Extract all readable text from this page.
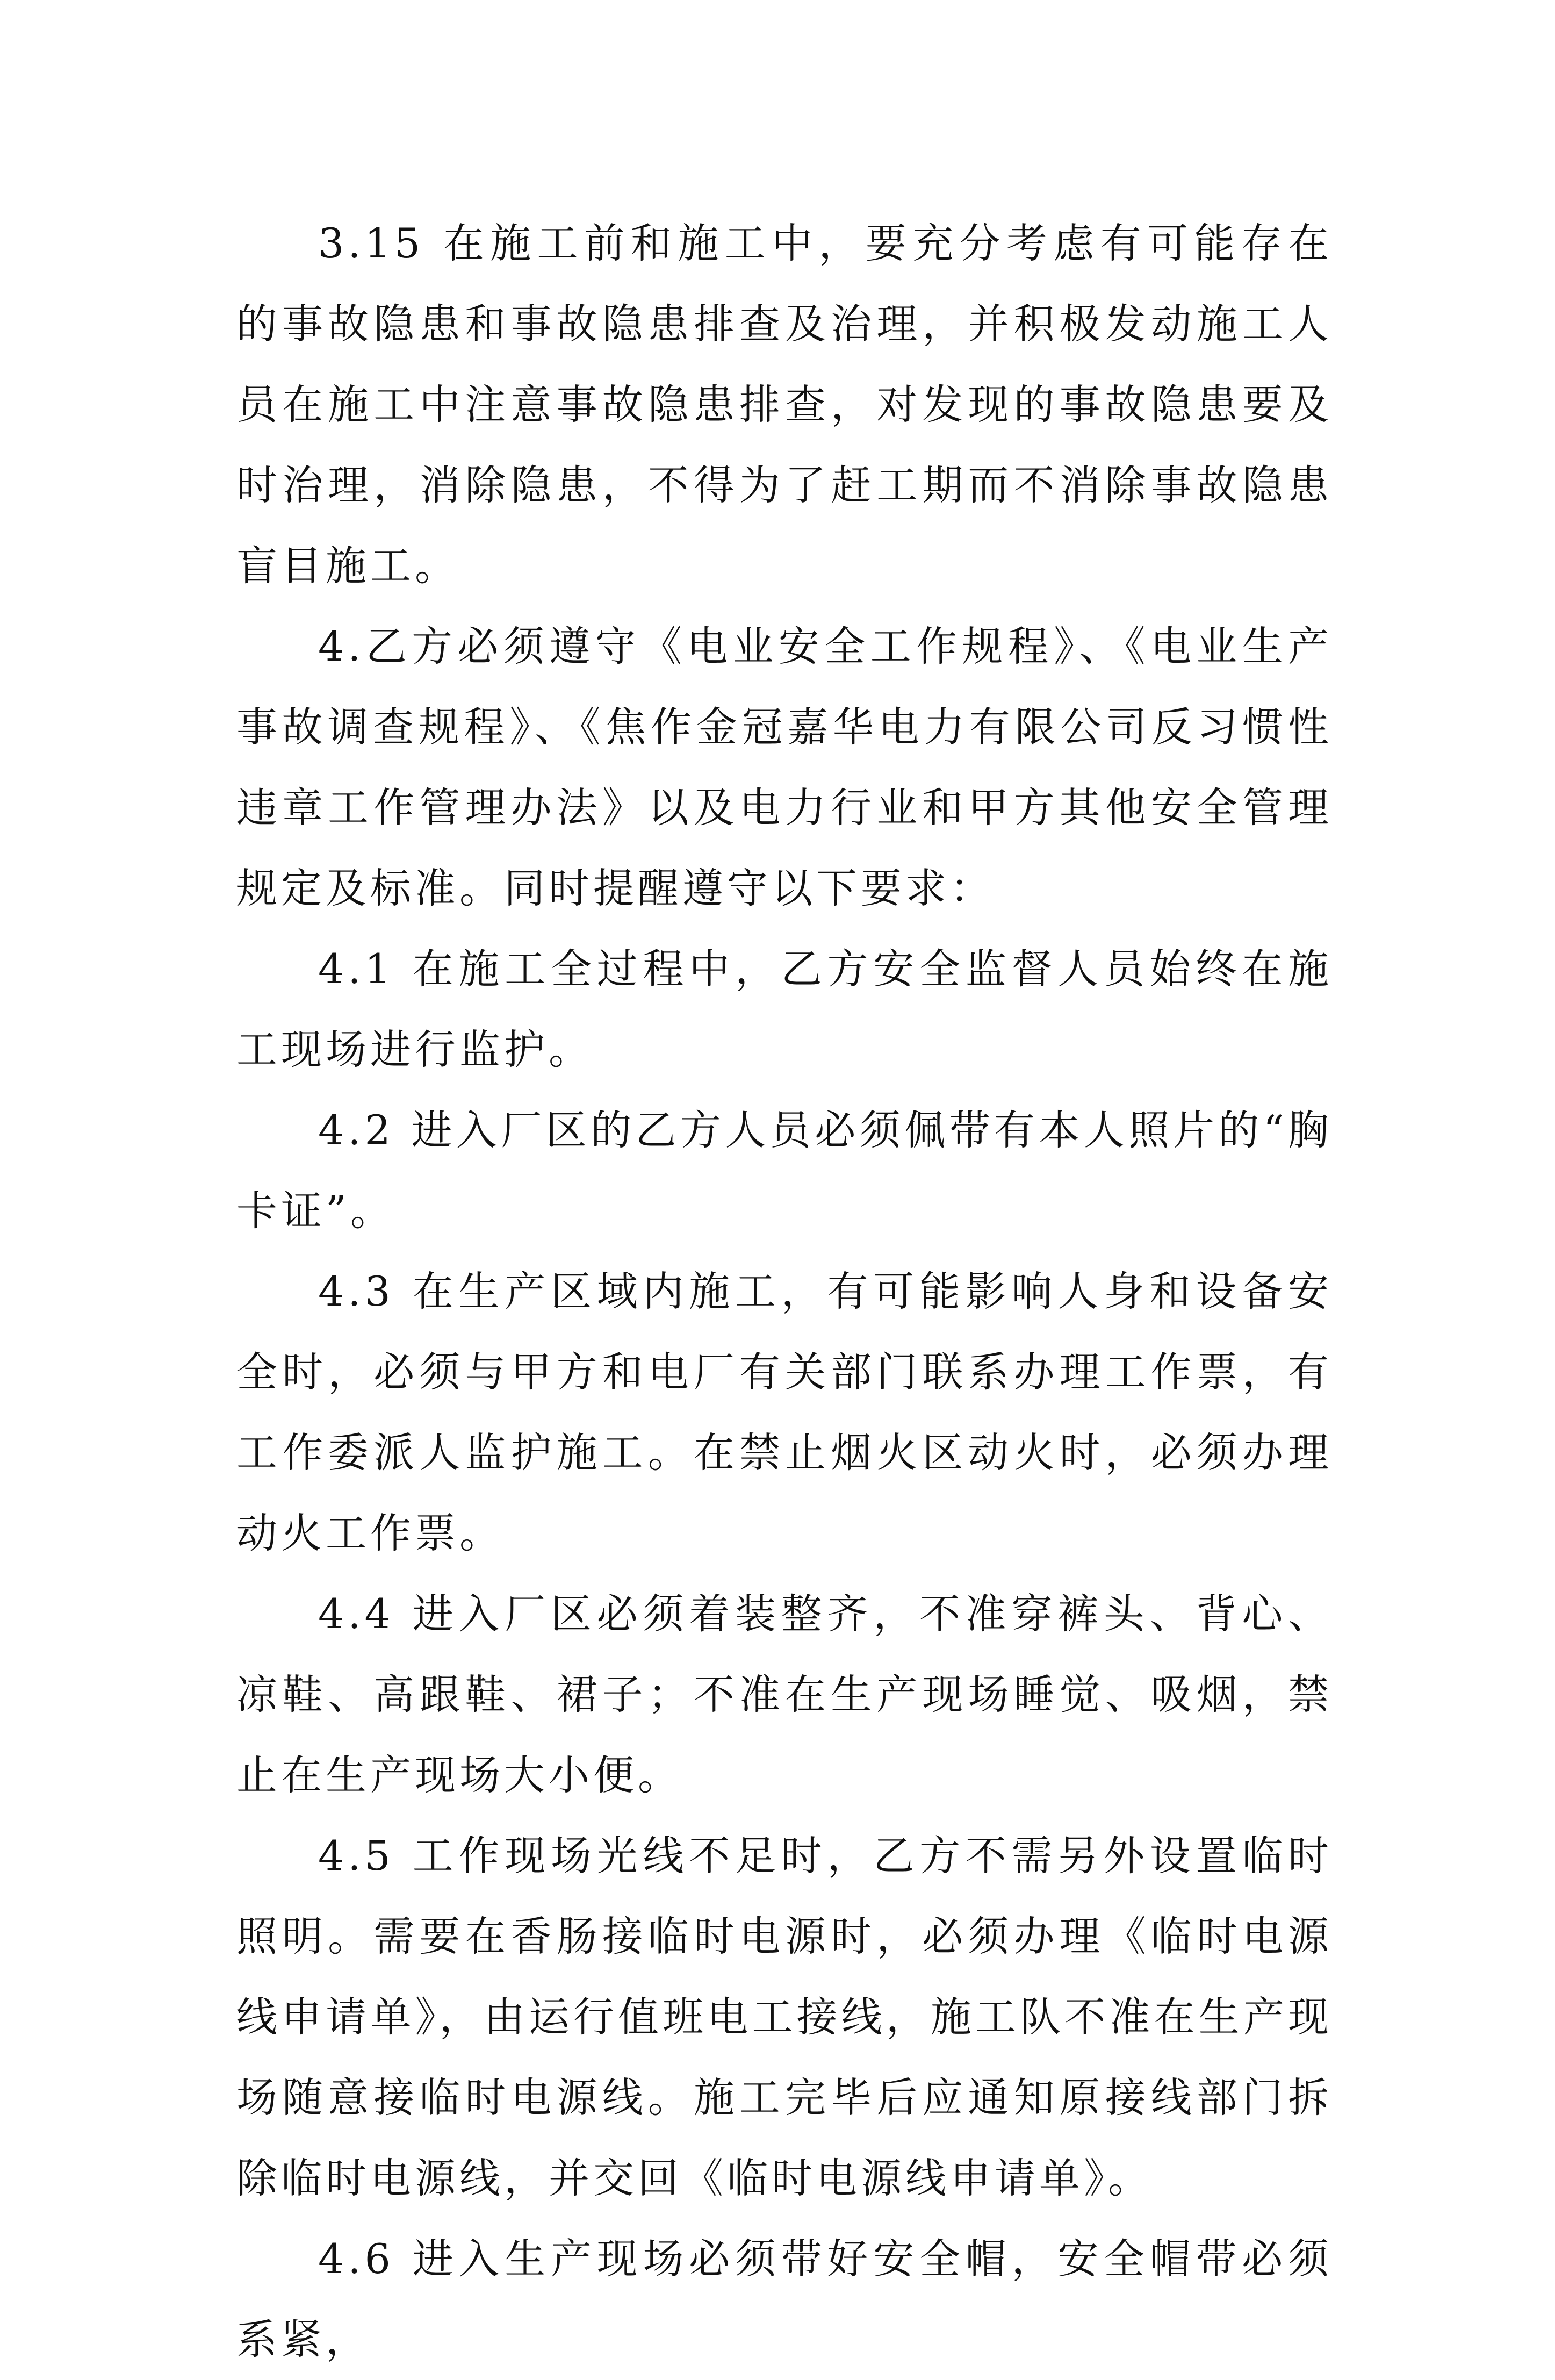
3.15 在施工前和施工中，要充分考虑有可能存在的事故隐患和事故隐患排查及治理，并积极发动施工人员在施工中注意事故隐患排查，对发现的事故隐患要及时治理，消除隐患，不得为了赶工期而不消除事故隐患盲目施工。

4.乙方必须遵守《电业安全工作规程》、《电业生产事故调查规程》、《焦作金冠嘉华电力有限公司反习惯性违章工作管理办法》以及电力行业和甲方其他安全管理规定及标准。同时提醒遵守以下要求：

4.1 在施工全过程中，乙方安全监督人员始终在施工现场进行监护。

4.2 进入厂区的乙方人员必须佩带有本人照片的“胸卡证”。

4.3 在生产区域内施工，有可能影响人身和设备安全时，必须与甲方和电厂有关部门联系办理工作票，有工作委派人监护施工。在禁止烟火区动火时，必须办理动火工作票。

4.4 进入厂区必须着装整齐，不准穿裤头、背心、凉鞋、高跟鞋、裙子；不准在生产现场睡觉、吸烟，禁止在生产现场大小便。

4.5 工作现场光线不足时，乙方不需另外设置临时照明。需要在香肠接临时电源时，必须办理《临时电源线申请单》，由运行值班电工接线，施工队不准在生产现场随意接临时电源线。施工完毕后应通知原接线部门拆除临时电源线，并交回《临时电源线申请单》。

4.6 进入生产现场必须带好安全帽，安全帽带必须系紧，
